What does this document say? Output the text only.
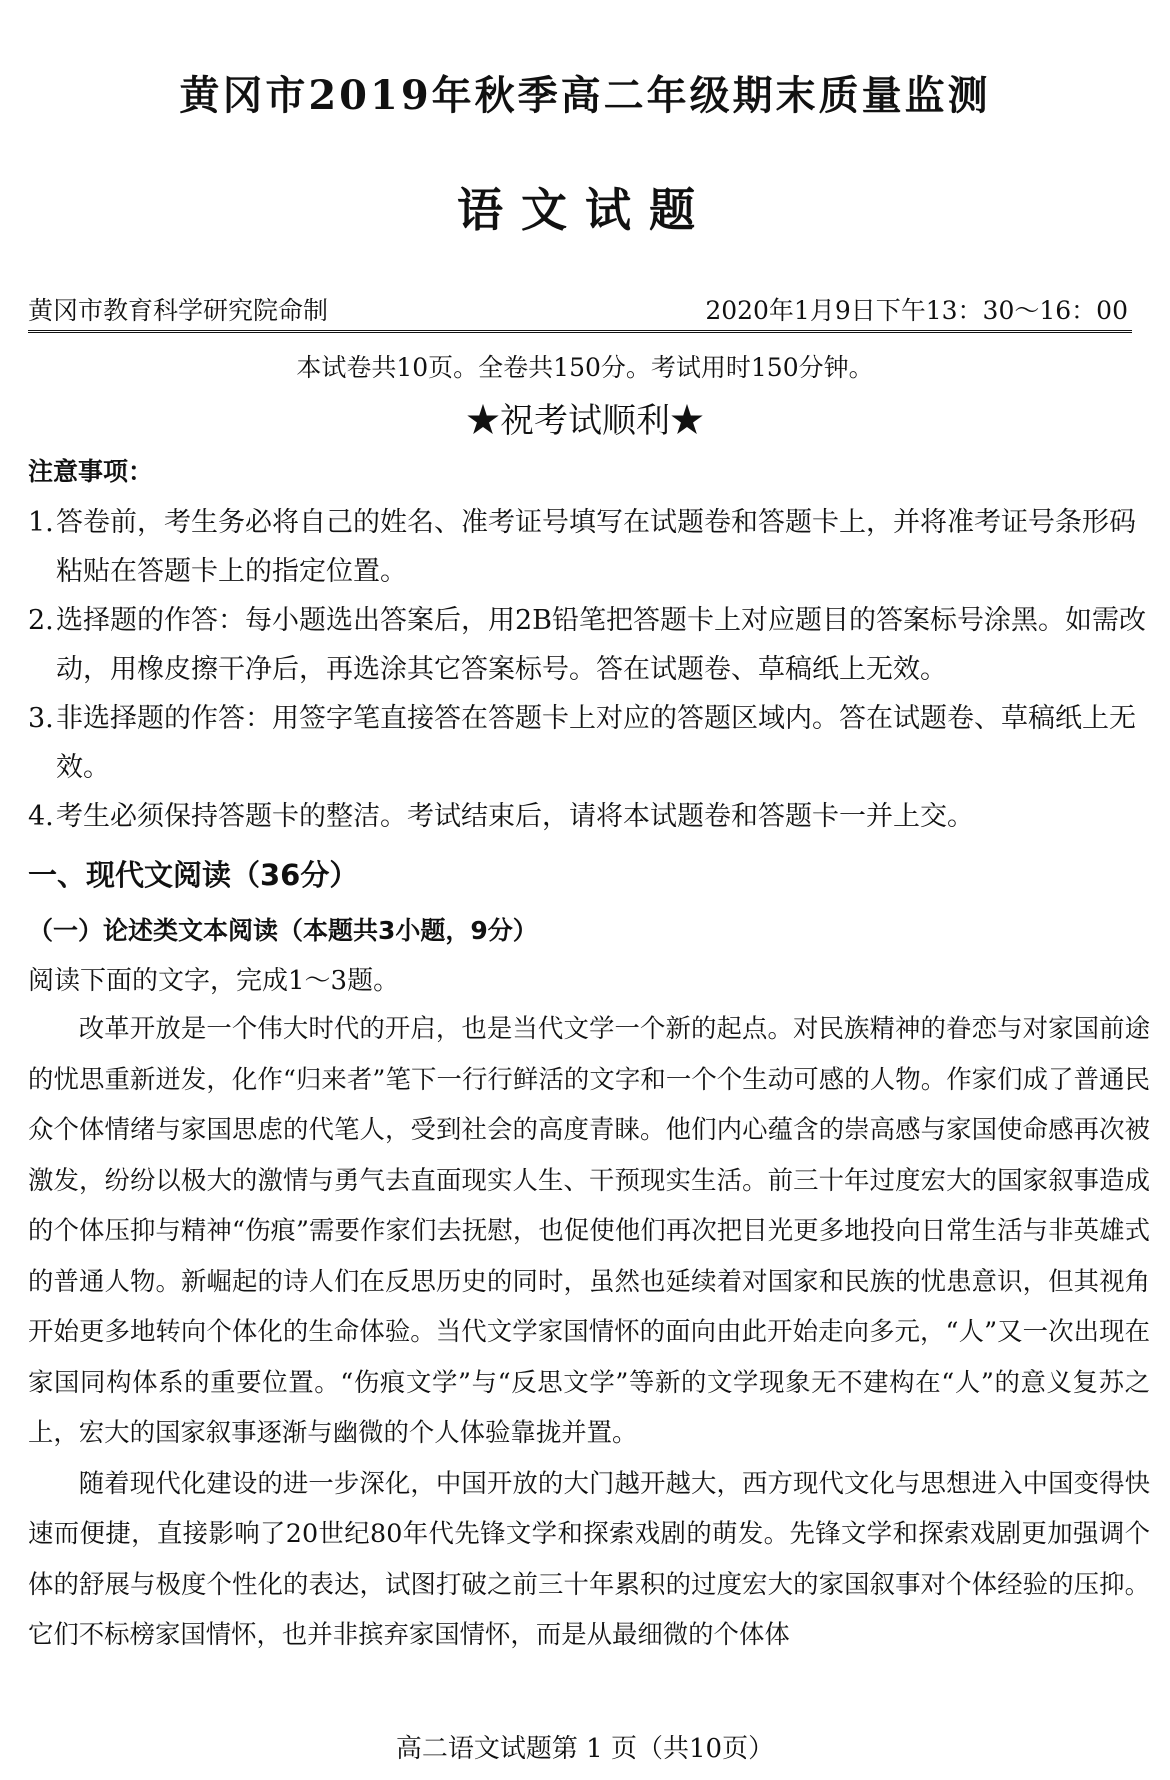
黄冈市2019年秋季高二年级期末质量监测
语文试题
黄冈市教育科学研究院命制	2020年1月9日下午13：30～16：00
本试卷共10页。全卷共150分。考试用时150分钟。
★祝考试顺利★
注意事项：
1. 答卷前，考生务必将自己的姓名、准考证号填写在试题卷和答题卡上，并将准考证号条形码粘贴在答题卡上的指定位置。
2. 选择题的作答：每小题选出答案后，用2B铅笔把答题卡上对应题目的答案标号涂黑。如需改动，用橡皮擦干净后，再选涂其它答案标号。答在试题卷、草稿纸上无效。
3. 非选择题的作答：用签字笔直接答在答题卡上对应的答题区域内。答在试题卷、草稿纸上无效。
4. 考生必须保持答题卡的整洁。考试结束后，请将本试题卷和答题卡一并上交。
一、现代文阅读（36分）
（一）论述类文本阅读（本题共3小题，9分）
阅读下面的文字，完成1～3题。

改革开放是一个伟大时代的开启，也是当代文学一个新的起点。对民族精神的眷恋与对家国前途的忧思重新迸发，化作“归来者”笔下一行行鲜活的文字和一个个生动可感的人物。作家们成了普通民众个体情绪与家国思虑的代笔人，受到社会的高度青睐。他们内心蕴含的崇高感与家国使命感再次被激发，纷纷以极大的激情与勇气去直面现实人生、干预现实生活。前三十年过度宏大的国家叙事造成的个体压抑与精神“伤痕”需要作家们去抚慰，也促使他们再次把目光更多地投向日常生活与非英雄式的普通人物。新崛起的诗人们在反思历史的同时，虽然也延续着对国家和民族的忧患意识，但其视角开始更多地转向个体化的生命体验。当代文学家国情怀的面向由此开始走向多元，“人”又一次出现在家国同构体系的重要位置。“伤痕文学”与“反思文学”等新的文学现象无不建构在“人”的意义复苏之上，宏大的国家叙事逐渐与幽微的个人体验靠拢并置。

随着现代化建设的进一步深化，中国开放的大门越开越大，西方现代文化与思想进入中国变得快速而便捷，直接影响了20世纪80年代先锋文学和探索戏剧的萌发。先锋文学和探索戏剧更加强调个体的舒展与极度个性化的表达，试图打破之前三十年累积的过度宏大的家国叙事对个体经验的压抑。它们不标榜家国情怀，也并非摈弃家国情怀，而是从最细微的个体体

高二语文试题第 1 页（共10页）
